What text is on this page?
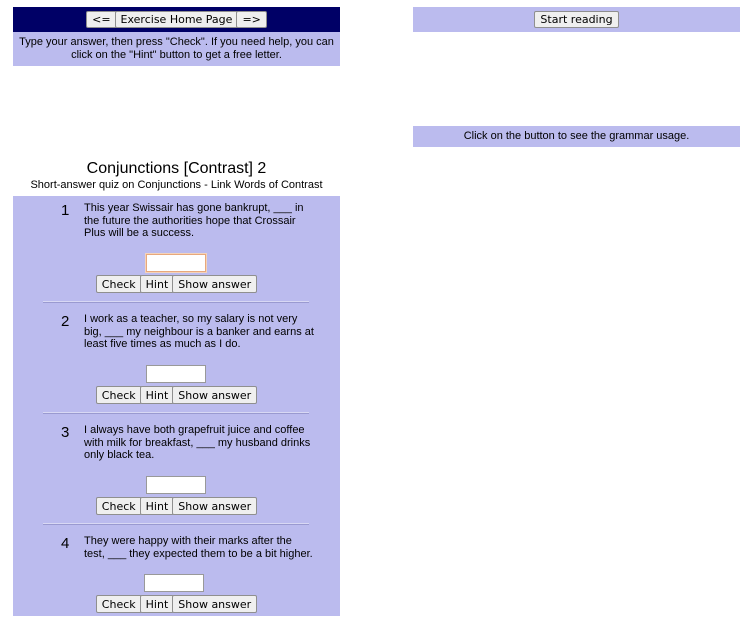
<= Exercise Home Page =>
Type your answer, then press "Check". If you need help, you can click on the "Hint" button to get a free letter.
Start reading
Click on the button to see the grammar usage.
Conjunctions [Contrast] 2
Short-answer quiz on Conjunctions - Link Words of Contrast
1 This year Swissair has gone bankrupt, ___ in the future the authorities hope that Crossair Plus will be a success.
Check Hint Show answer
2 I work as a teacher, so my salary is not very big, ___ my neighbour is a banker and earns at least five times as much as I do.
Check Hint Show answer
3 I always have both grapefruit juice and coffee with milk for breakfast, ___ my husband drinks only black tea.
Check Hint Show answer
4 They were happy with their marks after the test, ___ they expected them to be a bit higher.
Check Hint Show answer
